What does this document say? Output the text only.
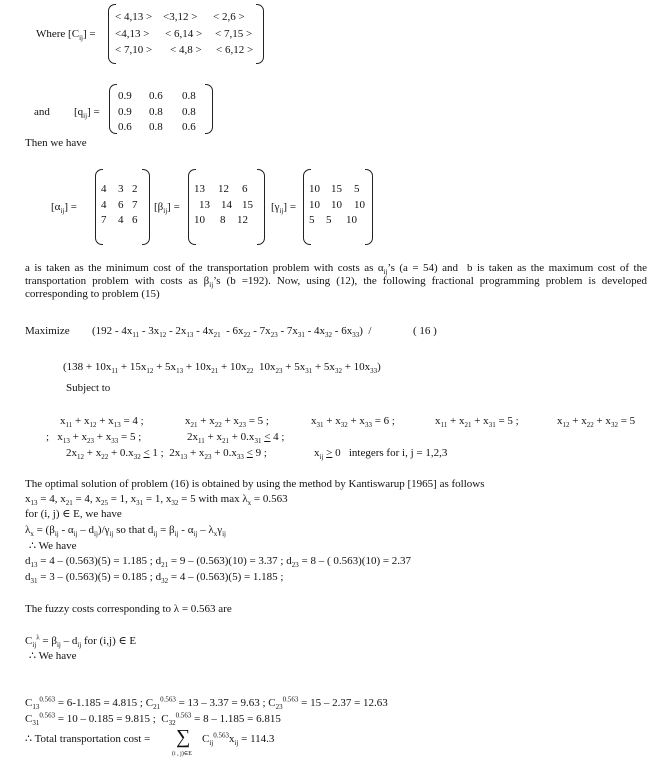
Where $[C_{ij}]$ =
< 4,13 > <3,12 > < 2,6 >
<4,13 > < 6,14 > < 7,15 >
< 7,10 > < 4,8 > < 6,12 >
and $[q_{ij}]$ =
0.9 0.6 0.8
0.9 0.8 0.8
0.6 0.8 0.6
Then we have
$[\alpha_{ij}]$ =
4 3 2
4 6 7
7 4 6
$[\beta_{ij}]$ =
13 12 6
13 14 15
10 8 12
$[\gamma_{ij}]$ =
10 15 5
10 10 10
5 5 10
a is taken as the minimum cost of the transportation problem with costs as $\alpha_{ij}’s$ (a = 54) and  b is taken as the maximum cost of the transportation problem with costs as $\beta_{ij}’s$ (b =192). Now, using (12), the following fractional programming problem is developed corresponding to problem (15)
Maximize $(192 - 4x_{11} - 3x_{12} - 2x_{13} - 4x_{21} - 6x_{22} - 7x_{23} - 7x_{31} - 4x_{32} - 6x_{33})$  /	( 16 )
($138 + 10x_{11} + 15x_{12} + 5x_{13} + 10x_{21} + 10x_{22}$  $10x_{23} + 5x_{31} + 5x_{32} + 10x_{33}$)
Subject to
$x_{11} + x_{12} + x_{13} = 4$ ;	$x_{21} + x_{22} + x_{23} = 5$ ;	$x_{31} + x_{32} + x_{33} = 6$ ;	$x_{11} + x_{21} + x_{31} = 5$ ;	$x_{12} + x_{22} + x_{32} = 5$
;   $x_{13} + x_{23} + x_{33} = 5$ ;	$2x_{11} + x_{21} + 0.x_{31} < 4$ ;
$2x_{12} + x_{22} + 0.x_{32} < 1$ ;  $2x_{13} + x_{23} + 0.x_{33} < 9$ ;	$x_{ij} > 0$   integers for i, j = 1,2,3
The optimal solution of problem (16) is obtained by using the method by Kantiswarup [1965] as follows
$x_{13} = 4$, $x_{21} = 4$, $x_{25} = 1$, $x_{31} = 1$, $x_{32} = 5$ with $\max \lambda_x = 0.563$
for (i, j) ∈ E, we have
$\lambda_x = (\beta_{ij} - \alpha_{ij} - d_{ij})/\gamma_{ij}$ so that $d_{ij} = \beta_{ij} - \alpha_{ij} - \lambda_x\gamma_{ij}$
∴ We have
$d_{13} = 4 - (0.563)(5) = 1.185$ ; $d_{21} = 9 - (0.563)(10) = 3.37$ ; $d_{23} = 8$ – ( 0.563)(10) = 2.37
$d_{31} = 3 - (0.563)(5) = 0.185$ ; $d_{32} = 4 - (0.563)(5) = 1.185$ ;
The fuzzy costs corresponding to λ = 0.563 are
$C_{ij}^\lambda = \beta_{ij} - d_{ij}$ for (i,j) ∈ E
∴ We have
$C_{13}^{0.563} = 6-1.185 = 4.815$ ; $C_{21}^{0.563} = 13 - 3.37 = 9.63$ ; $C_{23}^{0.563} = 15 - 2.37 = 12.63$
$C_{31}^{0.563} = 10 - 0.185 = 9.815$ ;  $C_{32}^{0.563} = 8 - 1.185 = 6.815$
∴ Total transportation cost = ∑
(i , j)∈E
$C_{ij}^{0.563}x_{ij} = 114.3$
